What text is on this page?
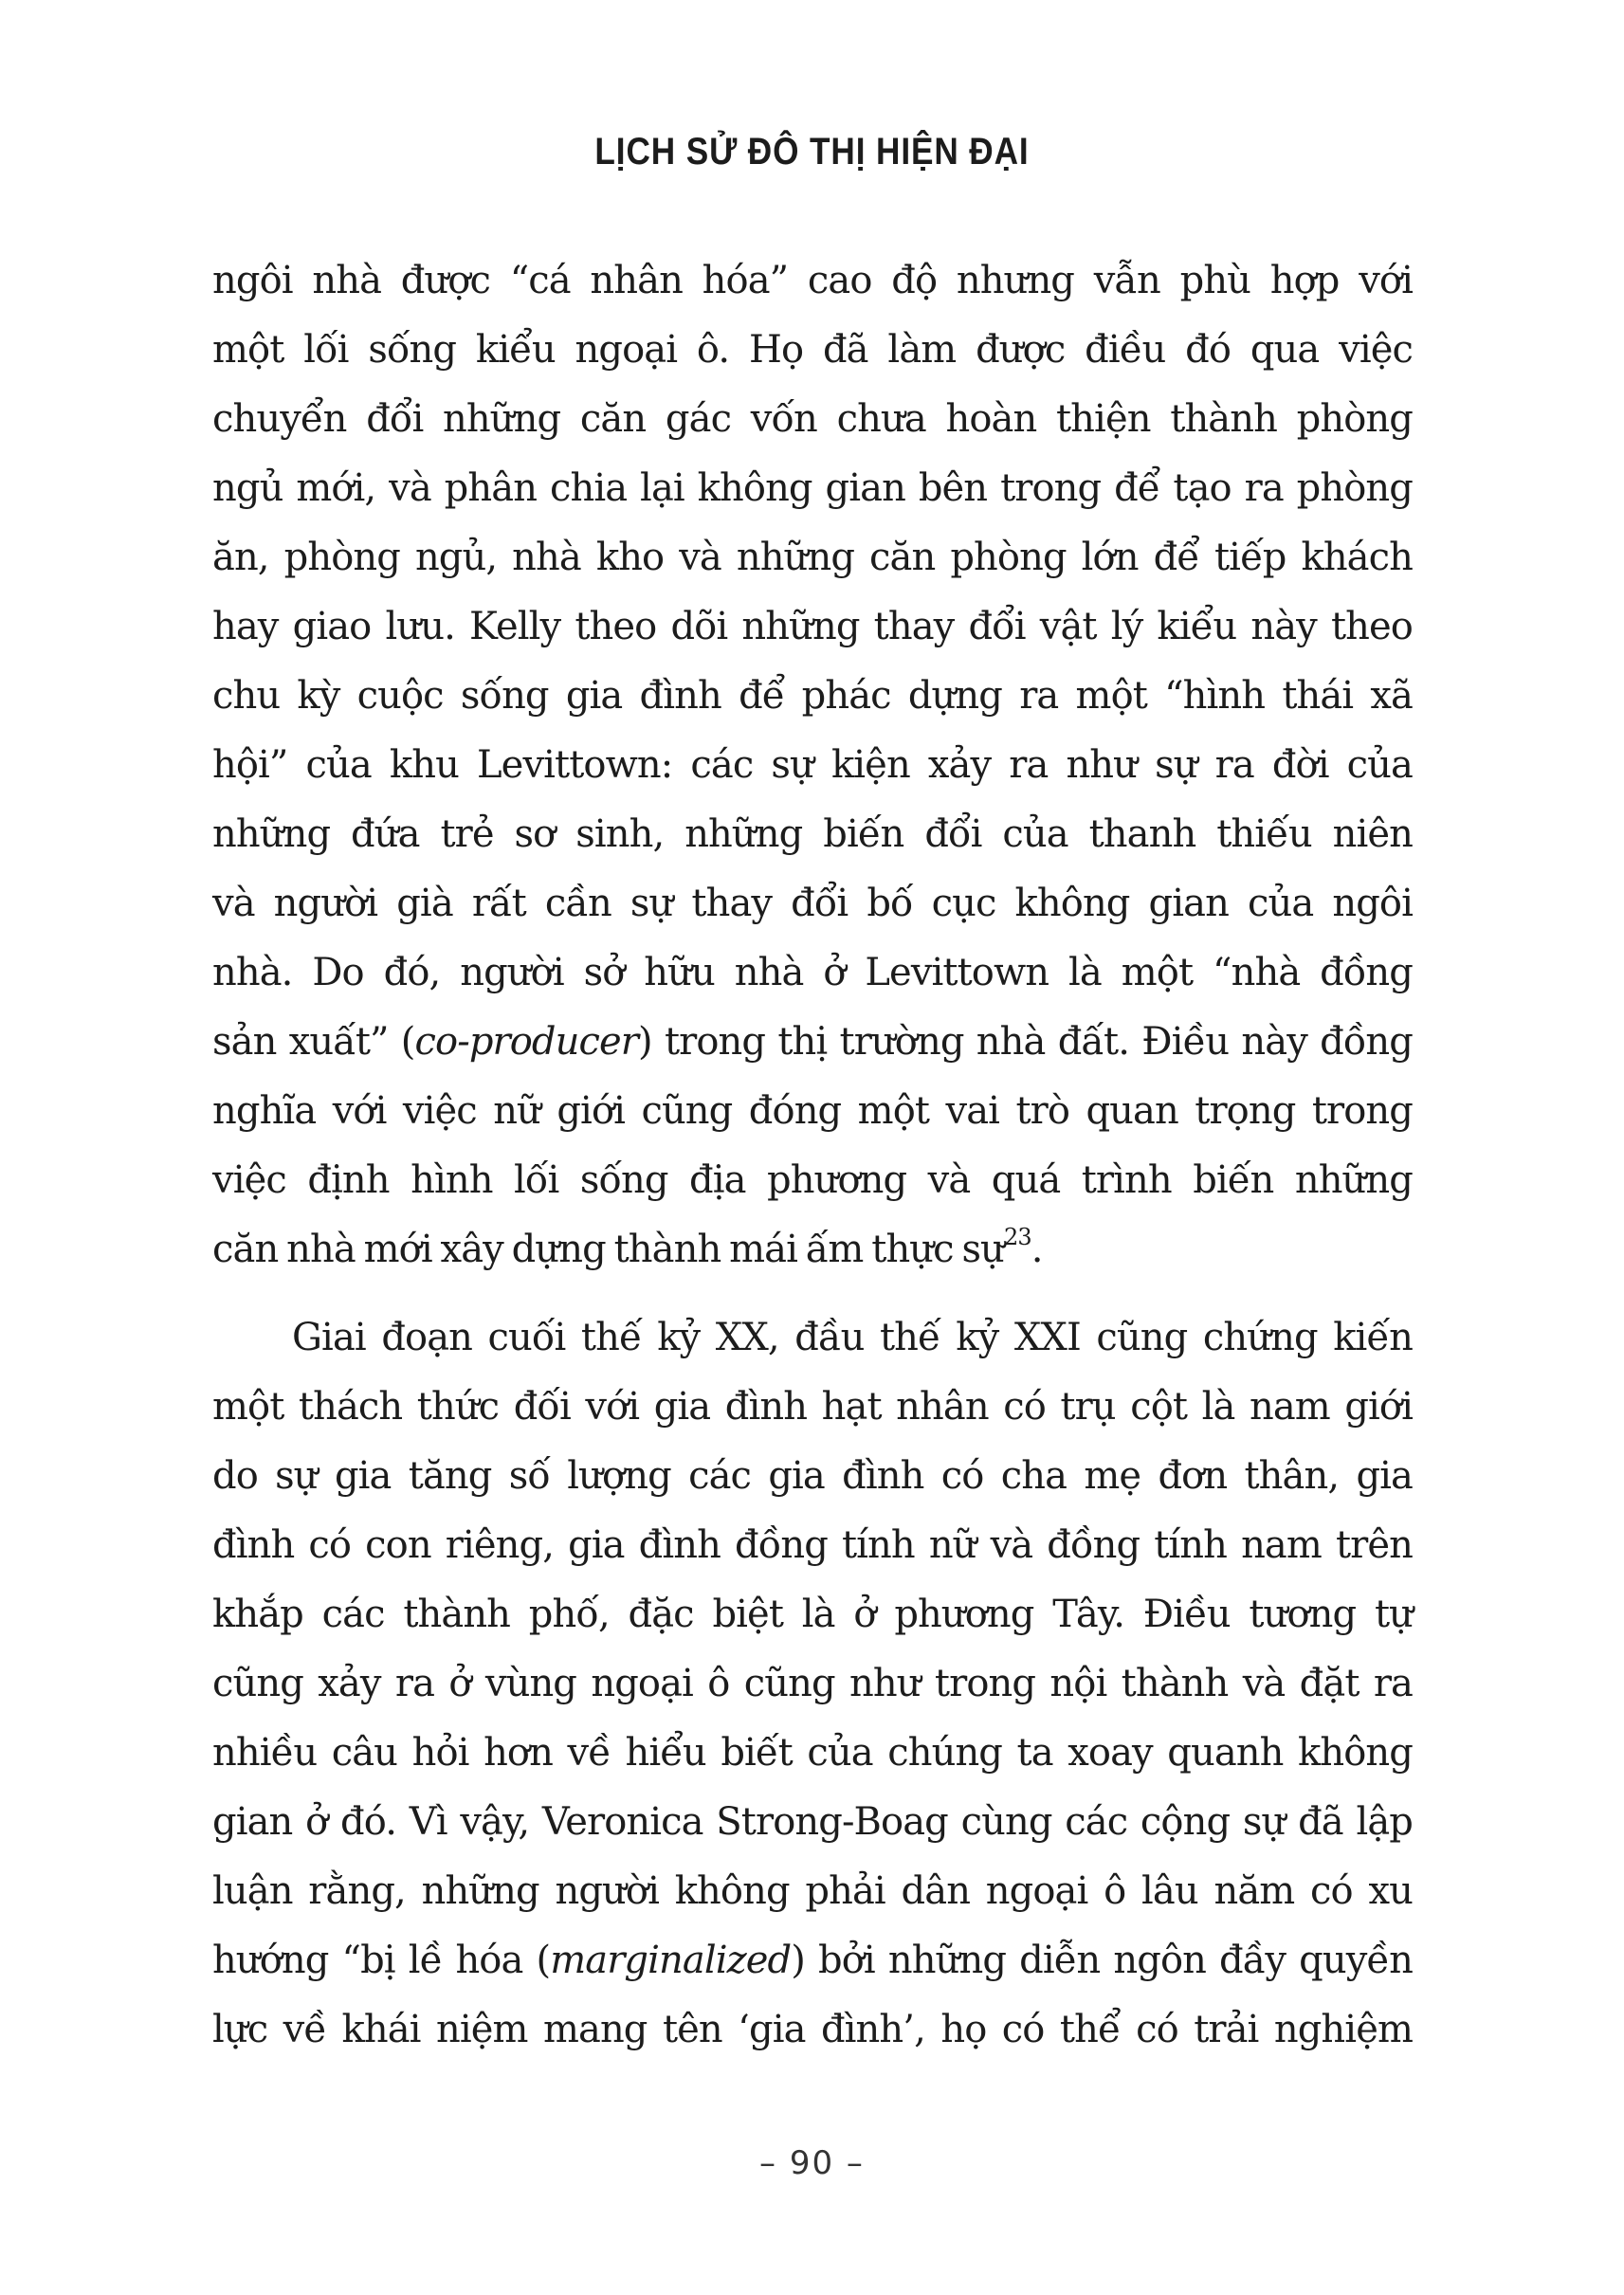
LỊCH SỬ ĐÔ THỊ HIỆN ĐẠI
ngôi nhà được “cá nhân hóa” cao độ nhưng vẫn phù hợp với
một lối sống kiểu ngoại ô. Họ đã làm được điều đó qua việc
chuyển đổi những căn gác vốn chưa hoàn thiện thành phòng
ngủ mới, và phân chia lại không gian bên trong để tạo ra phòng
ăn, phòng ngủ, nhà kho và những căn phòng lớn để tiếp khách
hay giao lưu. Kelly theo dõi những thay đổi vật lý kiểu này theo
chu kỳ cuộc sống gia đình để phác dựng ra một “hình thái xã
hội” của khu Levittown: các sự kiện xảy ra như sự ra đời của
những đứa trẻ sơ sinh, những biến đổi của thanh thiếu niên
và người già rất cần sự thay đổi bố cục không gian của ngôi
nhà. Do đó, người sở hữu nhà ở Levittown là một “nhà đồng
sản xuất” (co-producer) trong thị trường nhà đất. Điều này đồng
nghĩa với việc nữ giới cũng đóng một vai trò quan trọng trong
việc định hình lối sống địa phương và quá trình biến những
căn nhà mới xây dựng thành mái ấm thực sự$^{23}$.
Giai đoạn cuối thế kỷ XX, đầu thế kỷ XXI cũng chứng kiến
một thách thức đối với gia đình hạt nhân có trụ cột là nam giới
do sự gia tăng số lượng các gia đình có cha mẹ đơn thân, gia
đình có con riêng, gia đình đồng tính nữ và đồng tính nam trên
khắp các thành phố, đặc biệt là ở phương Tây. Điều tương tự
cũng xảy ra ở vùng ngoại ô cũng như trong nội thành và đặt ra
nhiều câu hỏi hơn về hiểu biết của chúng ta xoay quanh không
gian ở đó. Vì vậy, Veronica Strong-Boag cùng các cộng sự đã lập
luận rằng, những người không phải dân ngoại ô lâu năm có xu
hướng “bị lề hóa (marginalized) bởi những diễn ngôn đầy quyền
lực về khái niệm mang tên ‘gia đình’, họ có thể có trải nghiệm
– 90 –
